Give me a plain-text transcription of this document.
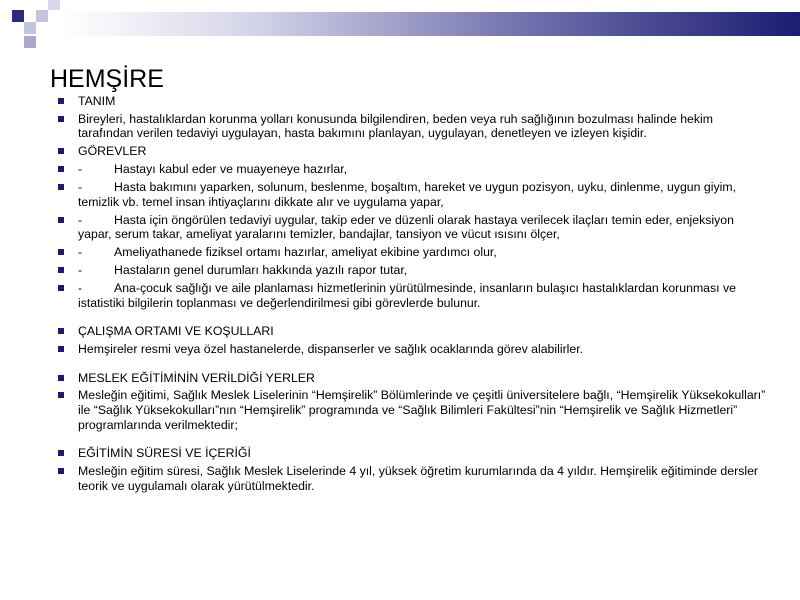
HEMŞİRE
TANIM
Bireyleri, hastalıklardan korunma yolları konusunda bilgilendiren, beden veya ruh sağlığının bozulması halinde hekim tarafından verilen tedaviyi uygulayan, hasta bakımını planlayan, uygulayan, denetleyen ve izleyen kişidir.
GÖREVLER
-	Hastayı kabul eder ve muayeneye hazırlar,
-	Hasta bakımını yaparken, solunum, beslenme, boşaltım, hareket ve uygun pozisyon, uyku, dinlenme, uygun giyim, temizlik vb. temel insan ihtiyaçlarını dikkate alır ve uygulama yapar,
-	Hasta için öngörülen tedaviyi uygular, takip eder ve düzenli olarak hastaya verilecek ilaçları temin eder, enjeksiyon yapar, serum takar, ameliyat yaralarını temizler, bandajlar, tansiyon ve vücut ısısını ölçer,
-	Ameliyathanede fiziksel ortamı hazırlar, ameliyat ekibine yardımcı olur,
-	Hastaların genel durumları hakkında yazılı rapor tutar,
-	Ana-çocuk sağlığı ve aile planlaması hizmetlerinin yürütülmesinde, insanların bulaşıcı hastalıklardan korunması ve istatistiki bilgilerin toplanması ve değerlendirilmesi gibi görevlerde bulunur.
ÇALIŞMA ORTAMI VE KOŞULLARI
Hemşireler resmi veya özel hastanelerde, dispanserler ve sağlık ocaklarında görev alabilirler.
MESLEK EĞİTİMİNİN VERİLDİĞİ YERLER
Mesleğin eğitimi, Sağlık Meslek Liselerinin “Hemşirelik” Bölümlerinde ve çeşitli üniversitelere bağlı, “Hemşirelik Yüksekokulları” ile “Sağlık Yüksekokulları”nın “Hemşirelik” programında ve “Sağlık Bilimleri Fakültesi”nin “Hemşirelik ve Sağlık Hizmetleri” programlarında verilmektedir;
EĞİTİMİN SÜRESİ VE İÇERİĞİ
Mesleğin eğitim süresi, Sağlık Meslek Liselerinde 4 yıl, yüksek öğretim kurumlarında da 4 yıldır. Hemşirelik eğitiminde dersler teorik ve uygulamalı olarak yürütülmektedir.
